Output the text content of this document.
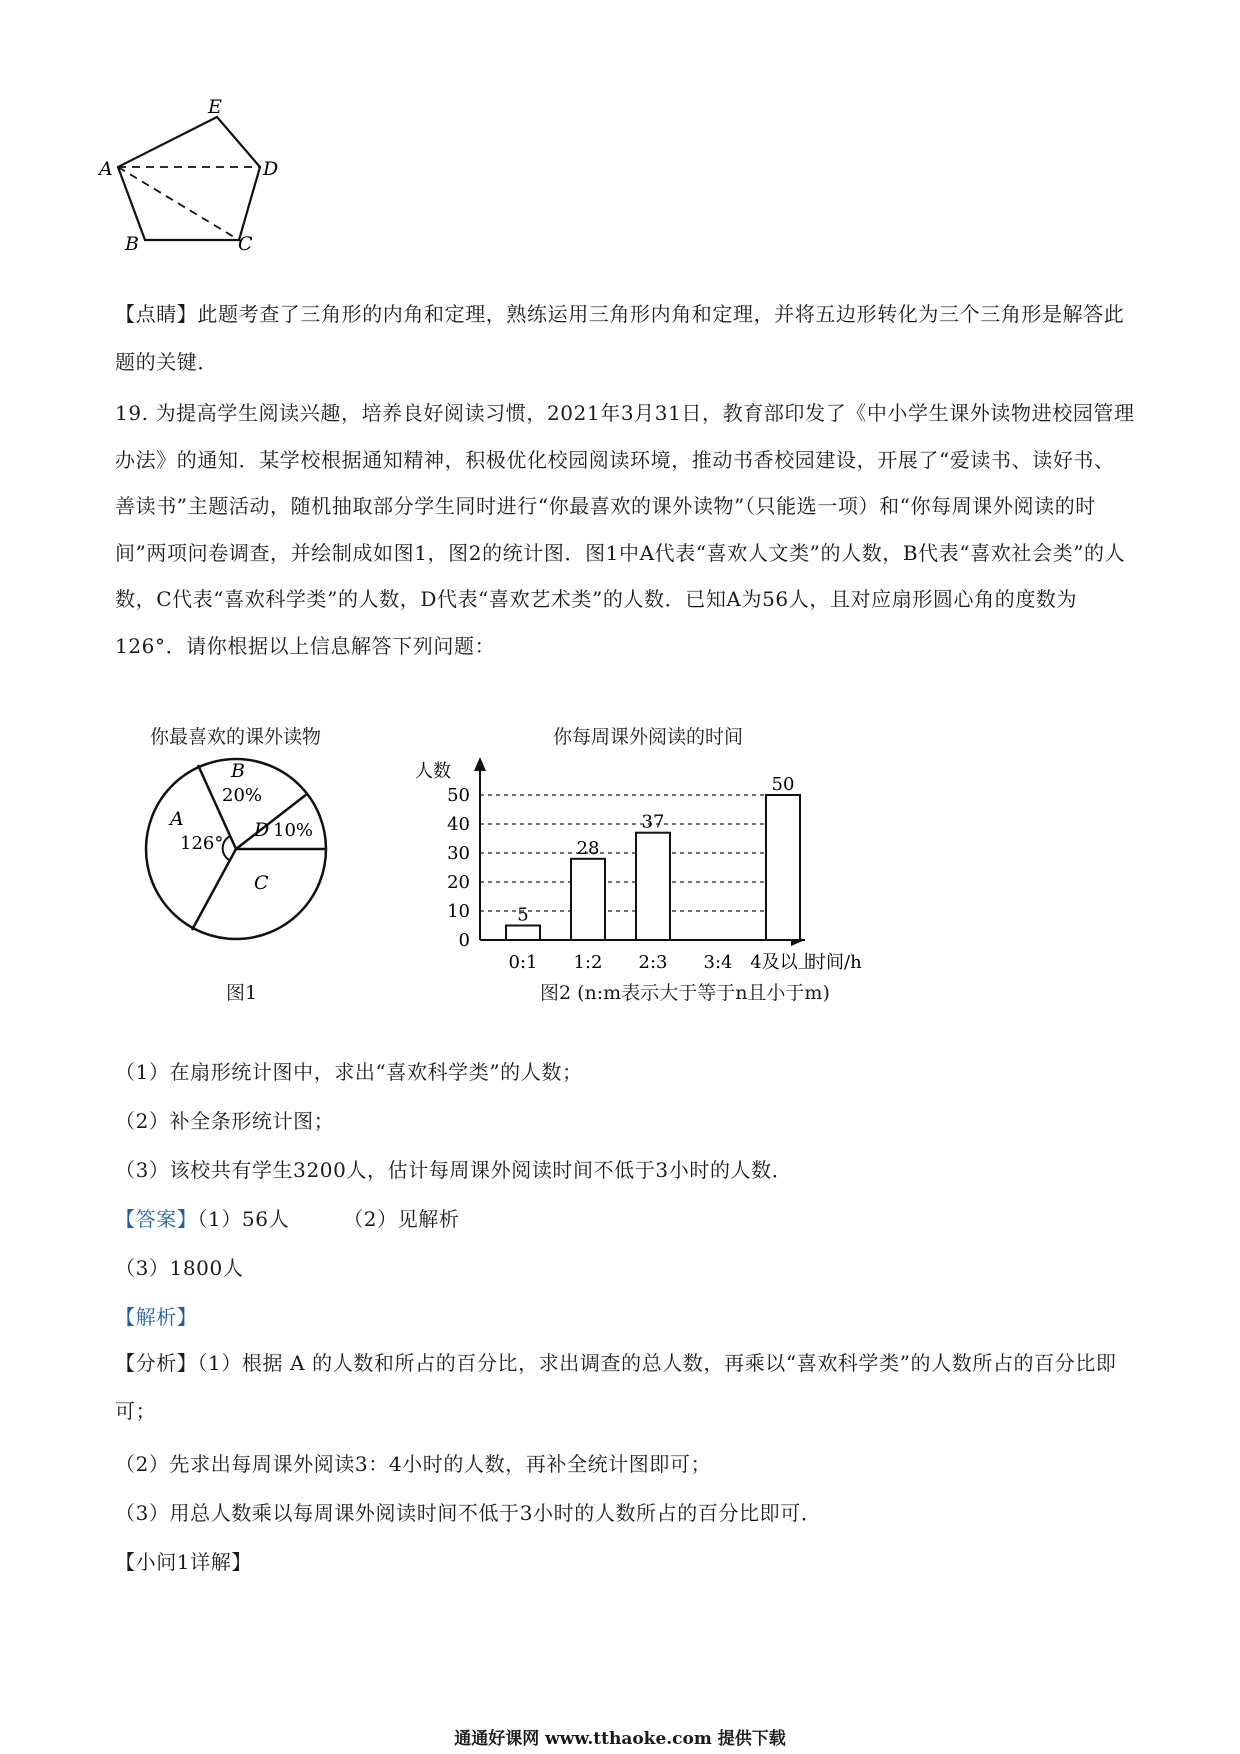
E
A	D
B	C
【点睛】此题考查了三角形的内角和定理，熟练运用三角形内角和定理，并将五边形转化为三个三角形是解答此题的关键．
19. 为提高学生阅读兴趣，培养良好阅读习惯，2021年3月31日，教育部印发了《中小学生课外读物进校园管理办法》的通知．某学校根据通知精神，积极优化校园阅读环境，推动书香校园建设，开展了“爱读书、读好书、善读书”主题活动，随机抽取部分学生同时进行“你最喜欢的课外读物”（只能选一项）和“你每周课外阅读的时间”两项问卷调查，并绘制成如图1，图2的统计图．图1中A代表“喜欢人文类”的人数，B代表“喜欢社会类”的人数，C代表“喜欢科学类”的人数，D代表“喜欢艺术类”的人数．已知A为56人，且对应扇形圆心角的度数为126°．请你根据以上信息解答下列问题：
你最喜欢的课外读物
A
126°
B
20%
D 10%
C
图1
你每周课外阅读的时间
0
10
20
30
40
50
人数
时间/h
5
0:1
28
1:2
37
2:3 3:4
50
4及以上
图2 (n:m表示大于等于n且小于m)
（1）在扇形统计图中，求出“喜欢科学类”的人数；
（2）补全条形统计图；
（3）该校共有学生3200人，估计每周课外阅读时间不低于3小时的人数．
【答案】（1）56人	（2）见解析
（3）1800人
【解析】
【分析】（1）根据 A 的人数和所占的百分比，求出调查的总人数，再乘以“喜欢科学类”的人数所占的百分比即可；
（2）先求出每周课外阅读3：4小时的人数，再补全统计图即可；
（3）用总人数乘以每周课外阅读时间不低于3小时的人数所占的百分比即可．
【小问1详解】
通通好课网 www.tthaoke.com 提供下载
